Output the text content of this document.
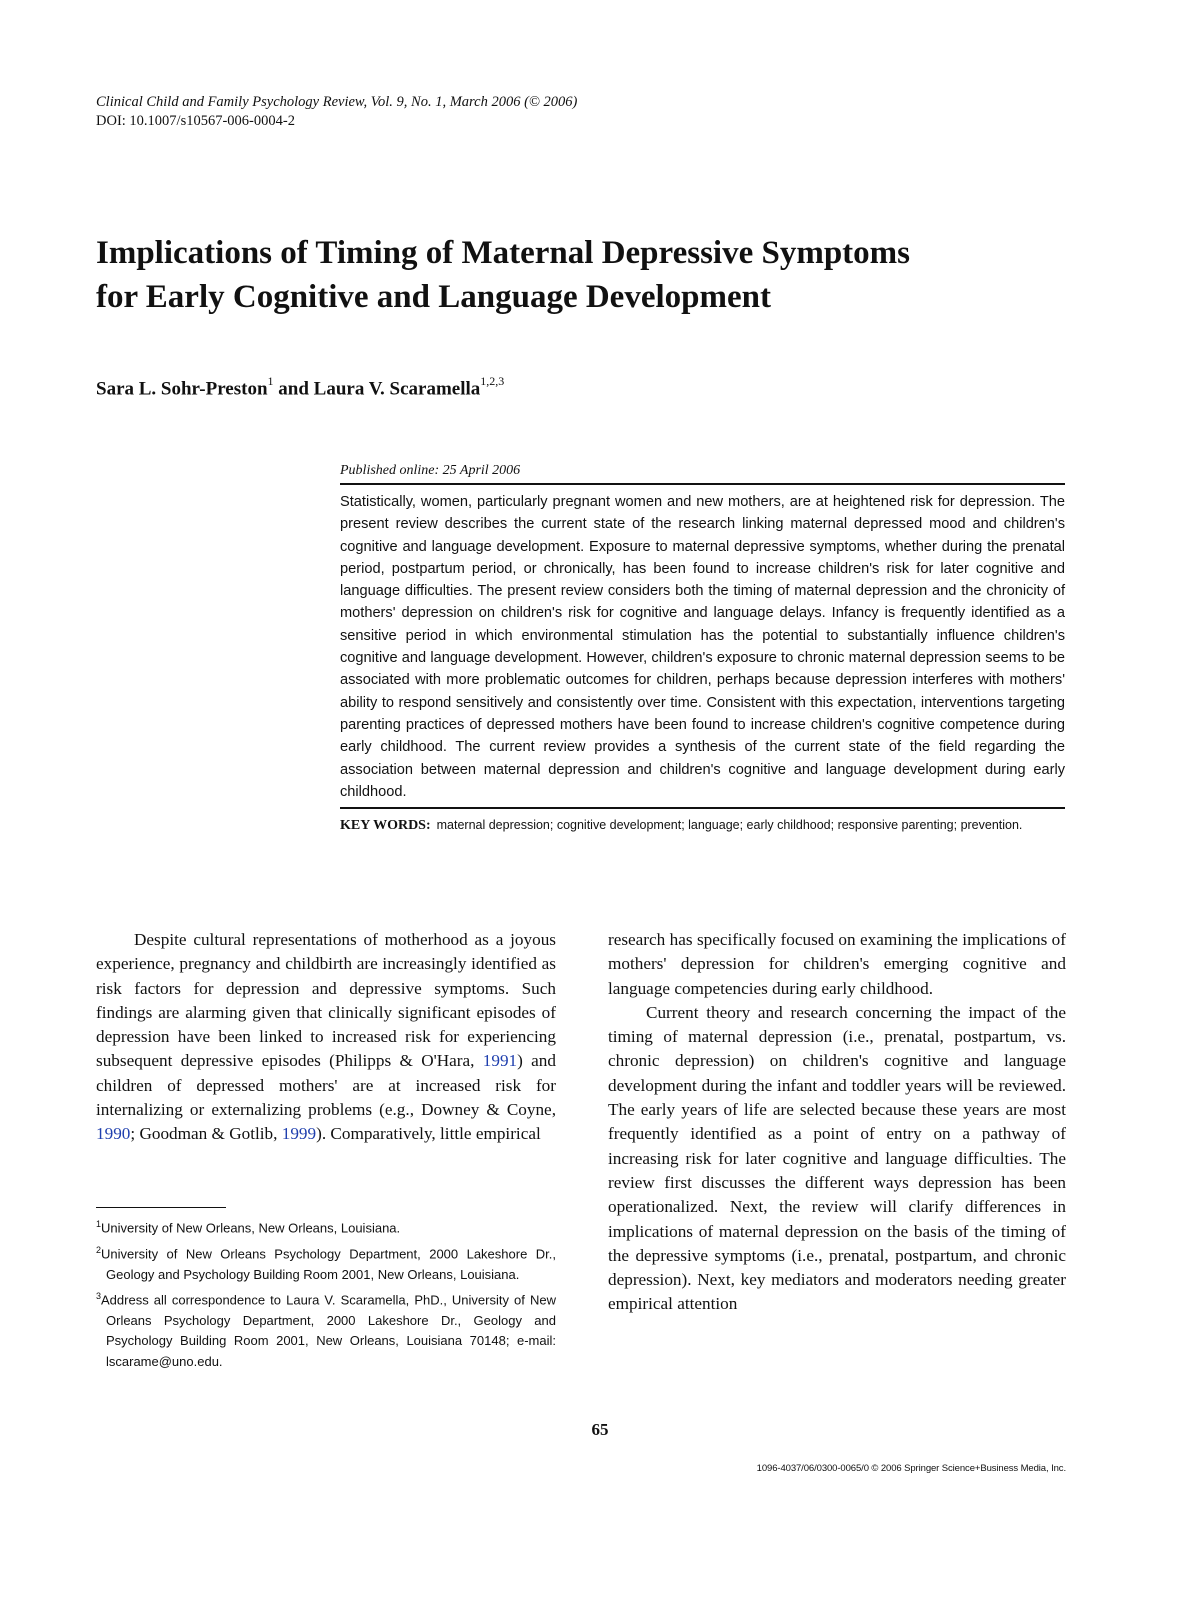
Clinical Child and Family Psychology Review, Vol. 9, No. 1, March 2006 (© 2006)
DOI: 10.1007/s10567-006-0004-2
Implications of Timing of Maternal Depressive Symptoms
for Early Cognitive and Language Development
Sara L. Sohr-Preston$^1$ and Laura V. Scaramella$^{1,2,3}$
Published online: 25 April 2006
Statistically, women, particularly pregnant women and new mothers, are at heightened risk for depression. The present review describes the current state of the research linking maternal depressed mood and children's cognitive and language development. Exposure to maternal depressive symptoms, whether during the prenatal period, postpartum period, or chronically, has been found to increase children's risk for later cognitive and language difficulties. The present review considers both the timing of maternal depression and the chronicity of mothers' depression on children's risk for cognitive and language delays. Infancy is frequently identified as a sensitive period in which environmental stimulation has the potential to substantially influence children's cognitive and language development. However, children's exposure to chronic maternal depression seems to be associated with more problematic outcomes for children, perhaps because depression interferes with mothers' ability to respond sensitively and consistently over time. Consistent with this expectation, interventions targeting parenting practices of depressed mothers have been found to increase children's cognitive competence during early childhood. The current review provides a synthesis of the current state of the field regarding the association between maternal depression and children's cognitive and language development during early childhood.
KEY WORDS: maternal depression; cognitive development; language; early childhood; responsive parenting; prevention.

Despite cultural representations of motherhood as a joyous experience, pregnancy and childbirth are increasingly identified as risk factors for depression and depressive symptoms. Such findings are alarming given that clinically significant episodes of depression have been linked to increased risk for experiencing subsequent depressive episodes (Philipps & O'Hara, 1991) and children of depressed mothers' are at increased risk for internalizing or externalizing problems (e.g., Downey & Coyne, 1990; Goodman & Gotlib, 1999). Comparatively, little empirical

$^1$University of New Orleans, New Orleans, Louisiana.

$^2$University of New Orleans Psychology Department, 2000 Lakeshore Dr., Geology and Psychology Building Room 2001, New Orleans, Louisiana.

$^3$Address all correspondence to Laura V. Scaramella, PhD., University of New Orleans Psychology Department, 2000 Lakeshore Dr., Geology and Psychology Building Room 2001, New Orleans, Louisiana 70148; e-mail: lscarame@uno.edu.

research has specifically focused on examining the implications of mothers' depression for children's emerging cognitive and language competencies during early childhood.

Current theory and research concerning the impact of the timing of maternal depression (i.e., prenatal, postpartum, vs. chronic depression) on children's cognitive and language development during the infant and toddler years will be reviewed. The early years of life are selected because these years are most frequently identified as a point of entry on a pathway of increasing risk for later cognitive and language difficulties. The review first discusses the different ways depression has been operationalized. Next, the review will clarify differences in implications of maternal depression on the basis of the timing of the depressive symptoms (i.e., prenatal, postpartum, and chronic depression). Next, key mediators and moderators needing greater empirical attention

65
1096-4037/06/0300-0065/0 © 2006 Springer Science+Business Media, Inc.
